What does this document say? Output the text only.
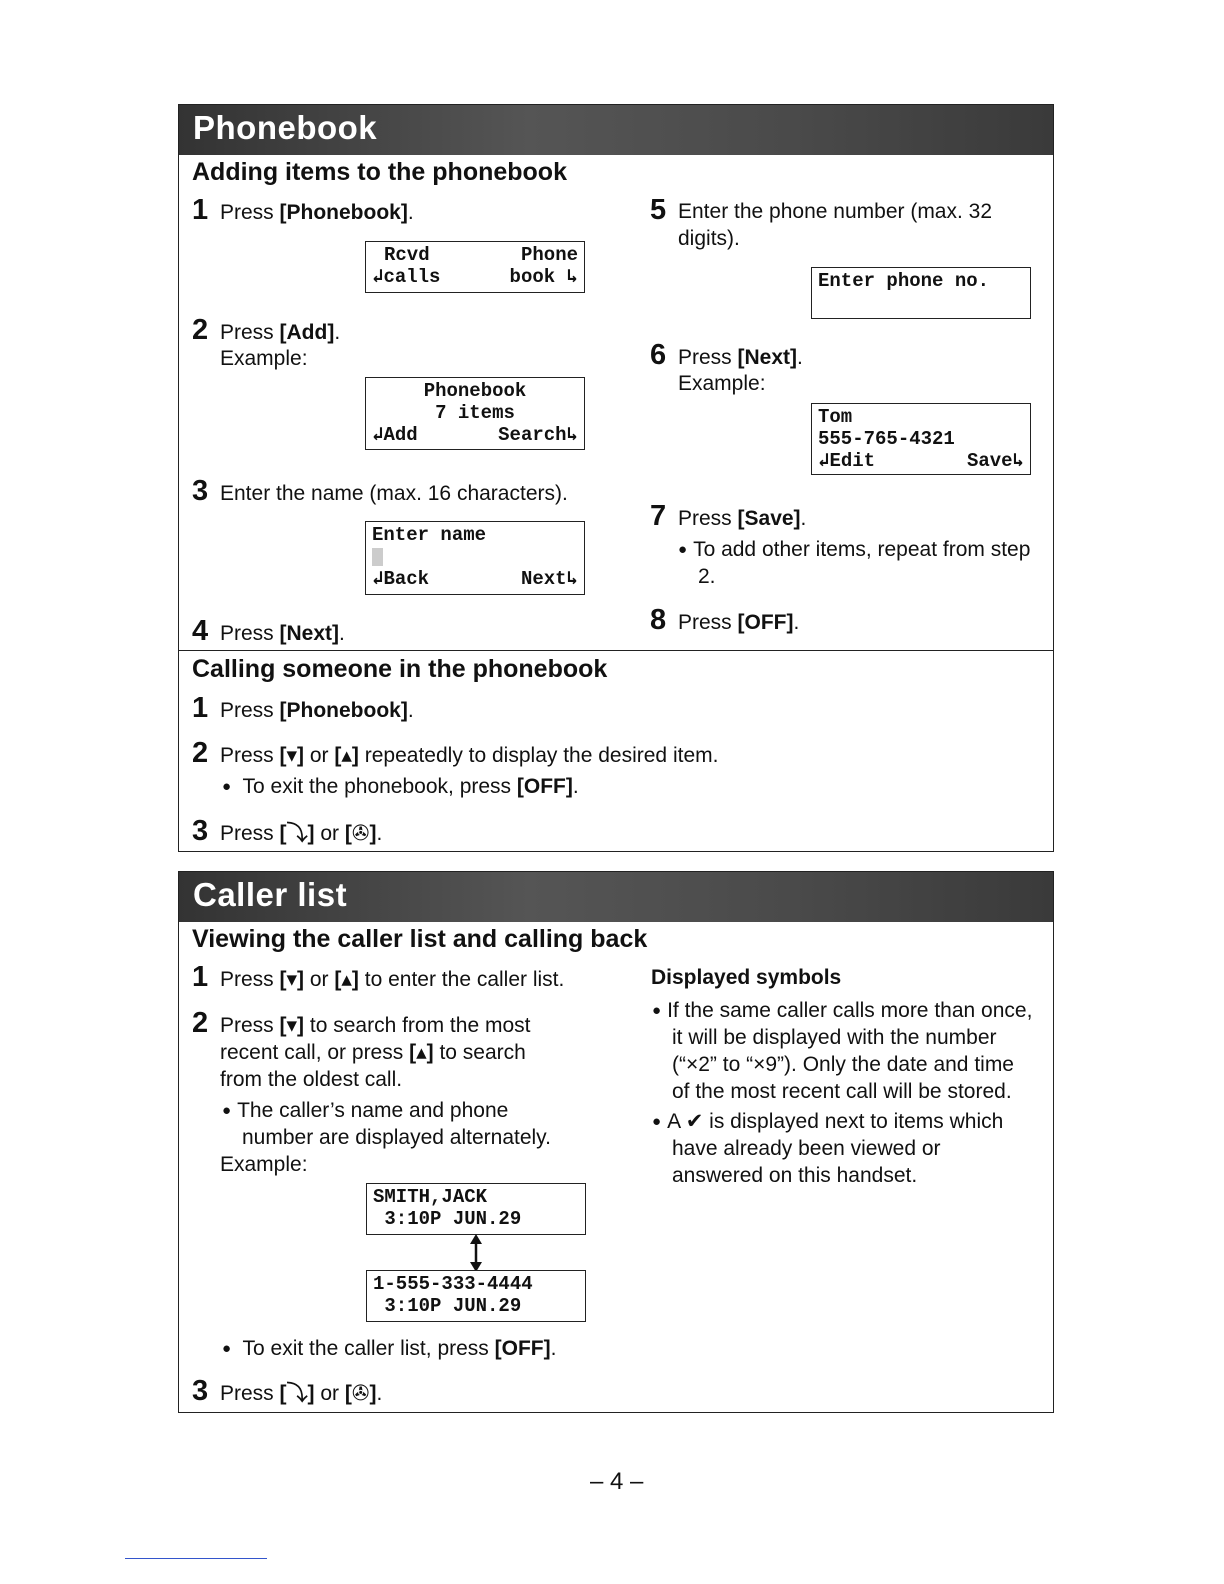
Phonebook
Adding items to the phonebook
1 Press [Phonebook].
Rcvd	Phone
↲calls	book ↳
2 Press [Add].
Example:
Phonebook
7 items
↲Add	Search↳
3 Enter the name (max. 16 characters).
Enter name
↲Back	Next↳
4 Press [Next].
5 Enter the phone number (max. 32
digits).
Enter phone no.
6 Press [Next].
Example:
Tom
555-765-4321
↲Edit	Save↳
7 Press [Save].
● To add other items, repeat from step
2.
8 Press [OFF].
Calling someone in the phonebook
1 Press [Phonebook].
2 Press [▾] or [▴] repeatedly to display the desired item.
● To exit the phonebook, press [OFF].
3 Press [⤵] or [✇].
Caller list
Viewing the caller list and calling back
1 Press [▾] or [▴] to enter the caller list.
2 Press [▾] to search from the most
recent call, or press [▴] to search
from the oldest call.
● The caller’s name and phone
number are displayed alternately.
Example:
SMITH,JACK
3:10P JUN.29
1-555-333-4444
3:10P JUN.29
● To exit the caller list, press [OFF].
3 Press [⤵] or [✇].
Displayed symbols
● If the same caller calls more than once,
it will be displayed with the number
(“×2” to “×9”). Only the date and time
of the most recent call will be stored.
● A ✔ is displayed next to items which
have already been viewed or
answered on this handset.
– 4 –
